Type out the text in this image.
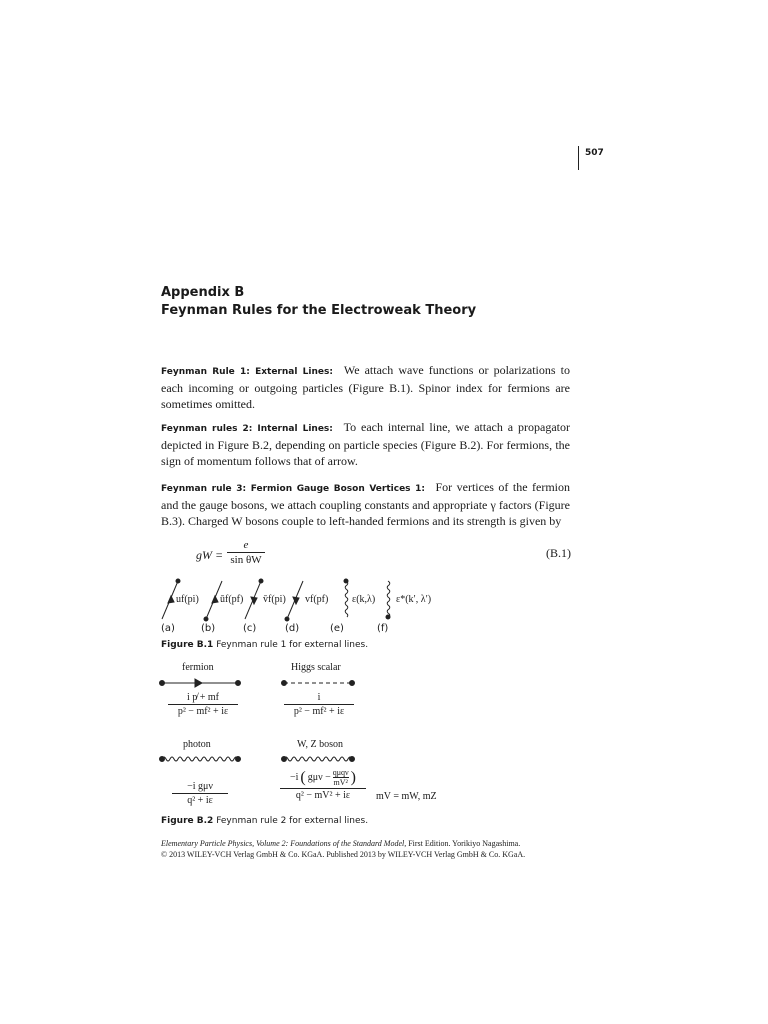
507
Appendix B
Feynman Rules for the Electroweak Theory
Feynman Rule 1: External Lines: We attach wave functions or polarizations to each incoming or outgoing particles (Figure B.1). Spinor index for fermions are sometimes omitted.
Feynman rules 2: Internal Lines: To each internal line, we attach a propagator depicted in Figure B.2, depending on particle species (Figure B.2). For fermions, the sign of momentum follows that of arrow.
Feynman rule 3: Fermion Gauge Boson Vertices 1: For vertices of the fermion and the gauge bosons, we attach coupling constants and appropriate γ factors (Figure B.3). Charged W bosons couple to left-handed fermions and its strength is given by
gW = $\frac{e}{\text{sin θW}}$	(B.1)
uf(pi) ūf(pf) v̄f(pi) vf(pf) ε(k,λ) ε*(k′, λ′)
(a)	(b)	(c)	(d)	(e)	(f)
Figure B.1 Feynman rule 1 for external lines.
fermion	Higgs scalar
$\frac{\text{i p̸ + mf}}{\text{p² − mf² + iε}}$	$\frac{i}{\text{p² − mf² + iε}}$
photon	W, Z boson
−i gμν
q² + iε
−i ( gμν − qμqν
mV² )
q² − mV² + iε	mV = mW, mZ
Figure B.2 Feynman rule 2 for external lines.
Elementary Particle Physics, Volume 2: Foundations of the Standard Model, First Edition. Yorikiyo Nagashima.
© 2013 WILEY-VCH Verlag GmbH & Co. KGaA. Published 2013 by WILEY-VCH Verlag GmbH & Co. KGaA.
